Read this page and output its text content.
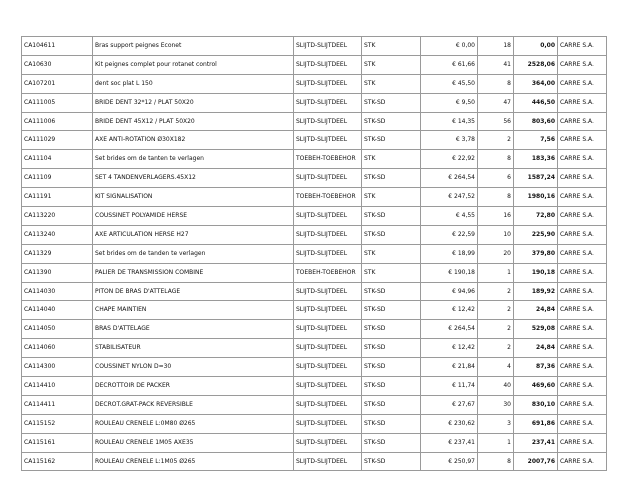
CA104611	Bras support peignes Econet	SLIJTD-SLIJTDEEL	STK	€ 0,00	18	0,00	CARRE S.A.
CA10630	Kit peignes complet pour rotanet control	SLIJTD-SLIJTDEEL	STK	€ 61,66	41	2528,06	CARRE S.A.
CA107201	dent soc plat L 150	SLIJTD-SLIJTDEEL	STK	€ 45,50	8	364,00	CARRE S.A.
CA111005	BRIDE DENT 32*12 / PLAT 50X20	SLIJTD-SLIJTDEEL	STK-SD	€ 9,50	47	446,50	CARRE S.A.
CA111006	BRIDE DENT 45X12 / PLAT 50X20	SLIJTD-SLIJTDEEL	STK-SD	€ 14,35	56	803,60	CARRE S.A.
CA111029	AXE ANTI-ROTATION Ø30X182	SLIJTD-SLIJTDEEL	STK-SD	€ 3,78	2	7,56	CARRE S.A.
CA11104	Set brides om de tanten te verlagen	TOEBEH-TOEBEHOR	STK	€ 22,92	8	183,36	CARRE S.A.
CA11109	SET 4 TANDENVERLAGERS.45X12	SLIJTD-SLIJTDEEL	STK-SD	€ 264,54	6	1587,24	CARRE S.A.
CA11191	KIT SIGNALISATION	TOEBEH-TOEBEHOR	STK	€ 247,52	8	1980,16	CARRE S.A.
CA113220	COUSSINET POLYAMIDE HERSE	SLIJTD-SLIJTDEEL	STK-SD	€ 4,55	16	72,80	CARRE S.A.
CA113240	AXE ARTICULATION HERSE H27	SLIJTD-SLIJTDEEL	STK-SD	€ 22,59	10	225,90	CARRE S.A.
CA11329	Set brides om de tanden te verlagen	SLIJTD-SLIJTDEEL	STK	€ 18,99	20	379,80	CARRE S.A.
CA11390	PALIER DE TRANSMISSION COMBINE	TOEBEH-TOEBEHOR	STK	€ 190,18	1	190,18	CARRE S.A.
CA114030	PITON DE BRAS D'ATTELAGE	SLIJTD-SLIJTDEEL	STK-SD	€ 94,96	2	189,92	CARRE S.A.
CA114040	CHAPE MAINTIEN	SLIJTD-SLIJTDEEL	STK-SD	€ 12,42	2	24,84	CARRE S.A.
CA114050	BRAS D'ATTELAGE	SLIJTD-SLIJTDEEL	STK-SD	€ 264,54	2	529,08	CARRE S.A.
CA114060	STABILISATEUR	SLIJTD-SLIJTDEEL	STK-SD	€ 12,42	2	24,84	CARRE S.A.
CA114300	COUSSINET NYLON D=30	SLIJTD-SLIJTDEEL	STK-SD	€ 21,84	4	87,36	CARRE S.A.
CA114410	DECROTTOIR DE PACKER	SLIJTD-SLIJTDEEL	STK-SD	€ 11,74	40	469,60	CARRE S.A.
CA114411	DECROT.GRAT-PACK REVERSIBLE	SLIJTD-SLIJTDEEL	STK-SD	€ 27,67	30	830,10	CARRE S.A.
CA115152	ROULEAU CRENELE L:0M80 Ø265	SLIJTD-SLIJTDEEL	STK-SD	€ 230,62	3	691,86	CARRE S.A.
CA115161	ROULEAU CRENELE 1M05 AXE35	SLIJTD-SLIJTDEEL	STK-SD	€ 237,41	1	237,41	CARRE S.A.
CA115162	ROULEAU CRENELE L:1M05 Ø265	SLIJTD-SLIJTDEEL	STK-SD	€ 250,97	8	2007,76	CARRE S.A.
